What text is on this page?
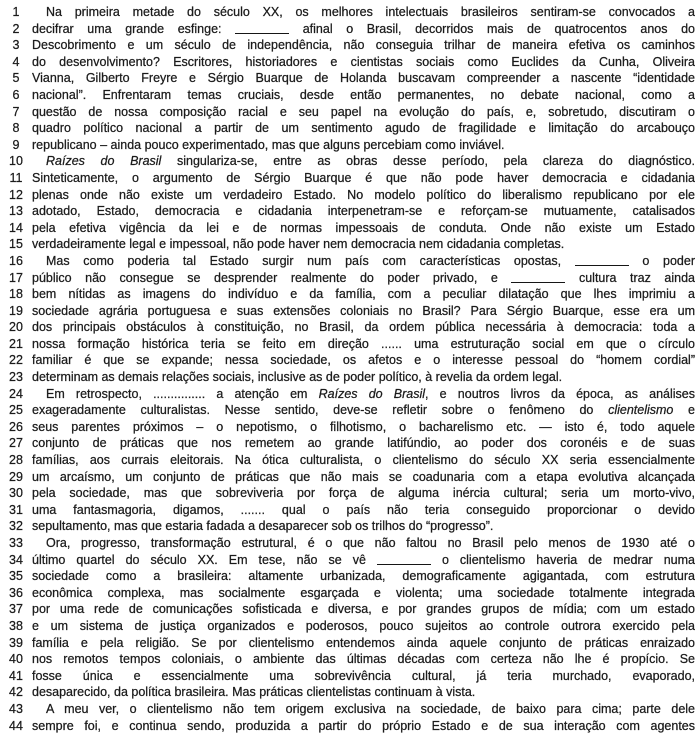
1	Na primeira metade do século XX, os melhores intelectuais brasileiros sentiram-se convocados a
2	decifrar uma grande esfinge:	afinal o Brasil, decorridos mais de quatrocentos anos do
3	Descobrimento e um século de independência, não conseguia trilhar de maneira efetiva os caminhos
4	do desenvolvimento? Escritores, historiadores e cientistas sociais como Euclides da Cunha, Oliveira
5	Vianna, Gilberto Freyre e Sérgio Buarque de Holanda buscavam compreender a nascente “identidade
6	nacional”. Enfrentaram temas cruciais, desde então permanentes, no debate nacional, como a
7	questão de nossa composição racial e seu papel na evolução do país, e, sobretudo, discutiram o
8	quadro político nacional a partir de um sentimento agudo de fragilidade e limitação do arcabouço
9	republicano – ainda pouco experimentado, mas que alguns percebiam como inviável.
10	Raízes do Brasil singulariza-se, entre as obras desse período, pela clareza do diagnóstico.
11 Sinteticamente, o argumento de Sérgio Buarque é que não pode haver democracia e cidadania
12 plenas onde não existe um verdadeiro Estado. No modelo político do liberalismo republicano por ele
13 adotado, Estado, democracia e cidadania interpenetram-se e reforçam-se mutuamente, catalisados
14 pela efetiva vigência da lei e de normas impessoais de conduta. Onde não existe um Estado
15 verdadeiramente legal e impessoal, não pode haver nem democracia nem cidadania completas.
16	Mas como poderia tal Estado surgir num país com características opostas,	o poder
17 público não consegue se desprender realmente do poder privado, e	cultura traz ainda
18 bem nítidas as imagens do indivíduo e da família, com a peculiar dilatação que lhes imprimiu a
19 sociedade agrária portuguesa e suas extensões coloniais no Brasil? Para Sérgio Buarque, esse era um
20 dos principais obstáculos à constituição, no Brasil, da ordem pública necessária à democracia: toda a
21 nossa formação histórica teria se feito em direção ...... uma estruturação social em que o círculo
22 familiar é que se expande; nessa sociedade, os afetos e o interesse pessoal do “homem cordial”
23 determinam as demais relações sociais, inclusive as de poder político, à revelia da ordem legal.
24	Em retrospecto, ............... a atenção em Raízes do Brasil, e noutros livros da época, as análises
25 exageradamente culturalistas. Nesse sentido, deve-se refletir sobre o fenômeno do clientelismo e
26 seus parentes próximos – o nepotismo, o filhotismo, o bacharelismo etc. — isto é, todo aquele
27 conjunto de práticas que nos remetem ao grande latifúndio, ao poder dos coronéis e de suas
28 famílias, aos currais eleitorais. Na ótica culturalista, o clientelismo do século XX seria essencialmente
29 um arcaísmo, um conjunto de práticas que não mais se coadunaria com a etapa evolutiva alcançada
30 pela sociedade, mas que sobreviveria por força de alguma inércia cultural; seria um morto-vivo,
31 uma fantasmagoria, digamos, ....... qual o país não teria conseguido proporcionar o devido
32 sepultamento, mas que estaria fadada a desaparecer sob os trilhos do “progresso”.
33	Ora, progresso, transformação estrutural, é o que não faltou no Brasil pelo menos de 1930 até o
34 último quartel do século XX. Em tese, não se vê	o clientelismo haveria de medrar numa
35 sociedade como a brasileira: altamente urbanizada, demograficamente agigantada, com estrutura
36 econômica complexa, mas socialmente esgarçada e violenta; uma sociedade totalmente integrada
37 por uma rede de comunicações sofisticada e diversa, e por grandes grupos de mídia; com um estado
38 e um sistema de justiça organizados e poderosos, pouco sujeitos ao controle outrora exercido pela
39 família e pela religião. Se por clientelismo entendemos ainda aquele conjunto de práticas enraizado
40 nos remotos tempos coloniais, o ambiente das últimas décadas com certeza não lhe é propício. Se
41 fosse única e essencialmente uma sobrevivência cultural, já teria murchado, evaporado,
42 desaparecido, da política brasileira. Mas práticas clientelistas continuam à vista.
43	A meu ver, o clientelismo não tem origem exclusiva na sociedade, de baixo para cima; parte dele
44 sempre foi, e continua sendo, produzida a partir do próprio Estado e de sua interação com agentes
